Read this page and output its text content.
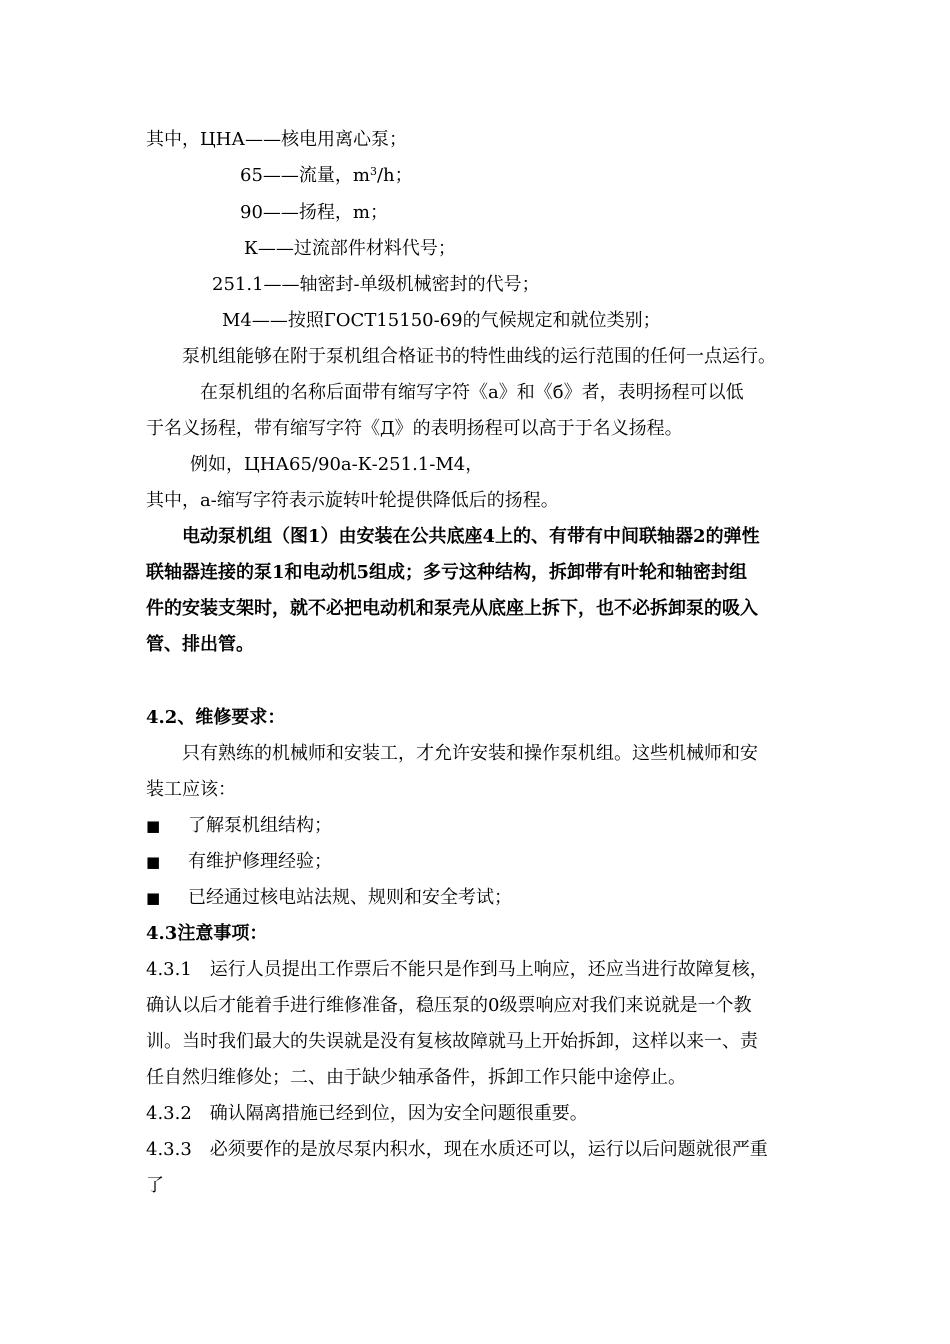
其中，ЦНА——核电用离心泵；
65——流量，$m^3/h$；
90——扬程，m；
К——过流部件材料代号；
251.1——轴密封-单级机械密封的代号；
М4——按照ГОСТ15150-69的气候规定和就位类别；
泵机组能够在附于泵机组合格证书的特性曲线的运行范围的任何一点运行。
在泵机组的名称后面带有缩写字符《а》和《б》者，表明扬程可以低
于名义扬程，带有缩写字符《Д》的表明扬程可以高于于名义扬程。
例如，ЦНА65/90а-К-251.1-М4，
其中，а-缩写字符表示旋转叶轮提供降低后的扬程。
电动泵机组（图1）由安装在公共底座4上的、有带有中间联轴器2的弹性
联轴器连接的泵1和电动机5组成；多亏这种结构，拆卸带有叶轮和轴密封组
件的安装支架时，就不必把电动机和泵壳从底座上拆下，也不必拆卸泵的吸入
管、排出管。
4.2、维修要求：
只有熟练的机械师和安装工，才允许安装和操作泵机组。这些机械师和安
装工应该：
■ 了解泵机组结构；
■ 有维护修理经验；
■ 已经通过核电站法规、规则和安全考试；
4.3注意事项：
4.3.1　运行人员提出工作票后不能只是作到马上响应，还应当进行故障复核，
确认以后才能着手进行维修准备，稳压泵的0级票响应对我们来说就是一个教
训。当时我们最大的失误就是没有复核故障就马上开始拆卸，这样以来一、责
任自然归维修处；二、由于缺少轴承备件，拆卸工作只能中途停止。
4.3.2　确认隔离措施已经到位，因为安全问题很重要。
4.3.3　必须要作的是放尽泵内积水，现在水质还可以，运行以后问题就很严重
了
